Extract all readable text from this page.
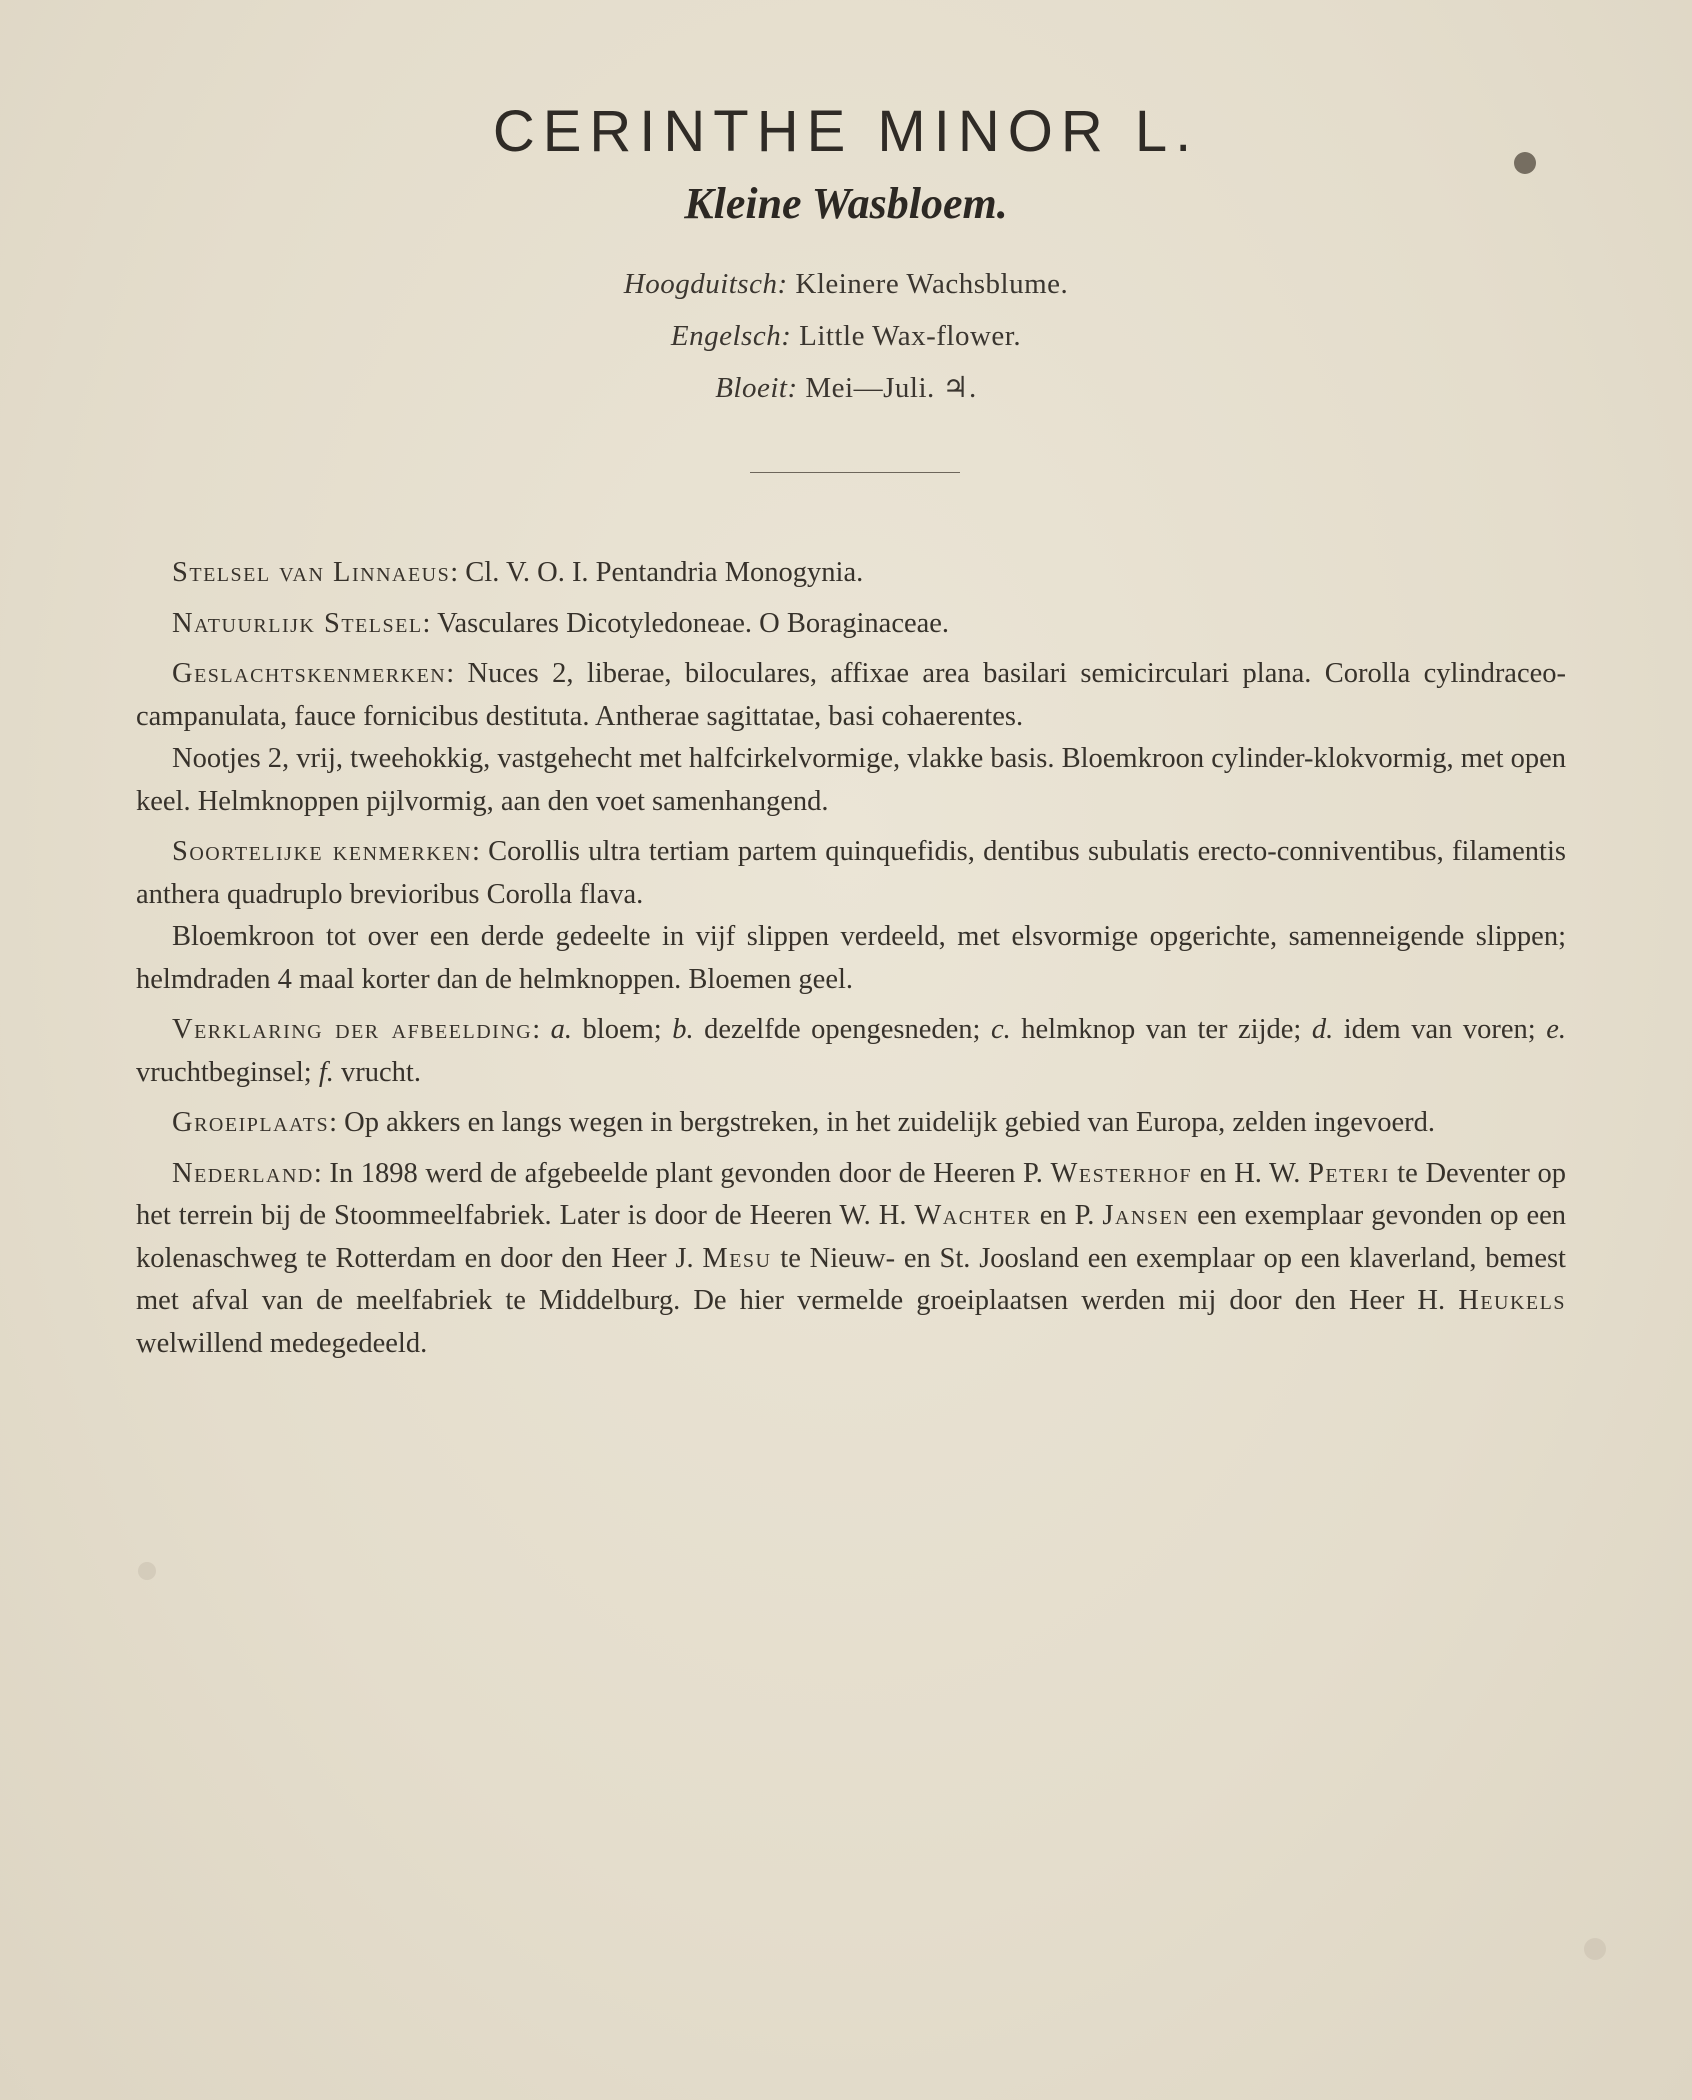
CERINTHE MINOR L.
Kleine Wasbloem.
Hoogduitsch: Kleinere Wachsblume.
Engelsch: Little Wax-flower.
Bloeit: Mei—Juli. ♃.

Stelsel van Linnaeus: Cl. V. O. I. Pentandria Monogynia.

Natuurlijk Stelsel: Vasculares Dicotyledoneae. O Boraginaceae.

Geslachtskenmerken: Nuces 2, liberae, biloculares, affixae area basilari semicirculari plana. Corolla cylindraceo-campanulata, fauce fornicibus destituta. Antherae sagittatae, basi cohaerentes.

Nootjes 2, vrij, tweehokkig, vastgehecht met halfcirkelvormige, vlakke basis. Bloemkroon cylinder-klokvormig, met open keel. Helmknoppen pijlvormig, aan den voet samenhangend.

Soortelijke kenmerken: Corollis ultra tertiam partem quinquefidis, dentibus subulatis erecto-conniventibus, filamentis anthera quadruplo brevioribus Corolla flava.

Bloemkroon tot over een derde gedeelte in vijf slippen verdeeld, met elsvormige opgerichte, samenneigende slippen; helmdraden 4 maal korter dan de helmknoppen. Bloemen geel.

Verklaring der afbeelding: a. bloem; b. dezelfde opengesneden; c. helmknop van ter zijde; d. idem van voren; e. vruchtbeginsel; f. vrucht.

Groeiplaats: Op akkers en langs wegen in bergstreken, in het zuidelijk gebied van Europa, zelden ingevoerd.

Nederland: In 1898 werd de afgebeelde plant gevonden door de Heeren P. Westerhof en H. W. Peteri te Deventer op het terrein bij de Stoommeelfabriek. Later is door de Heeren W. H. Wachter en P. Jansen een exemplaar gevonden op een kolenaschweg te Rotterdam en door den Heer J. Mesu te Nieuw- en St. Joosland een exemplaar op een klaverland, bemest met afval van de meelfabriek te Middelburg. De hier vermelde groeiplaatsen werden mij door den Heer H. Heukels welwillend medegedeeld.
